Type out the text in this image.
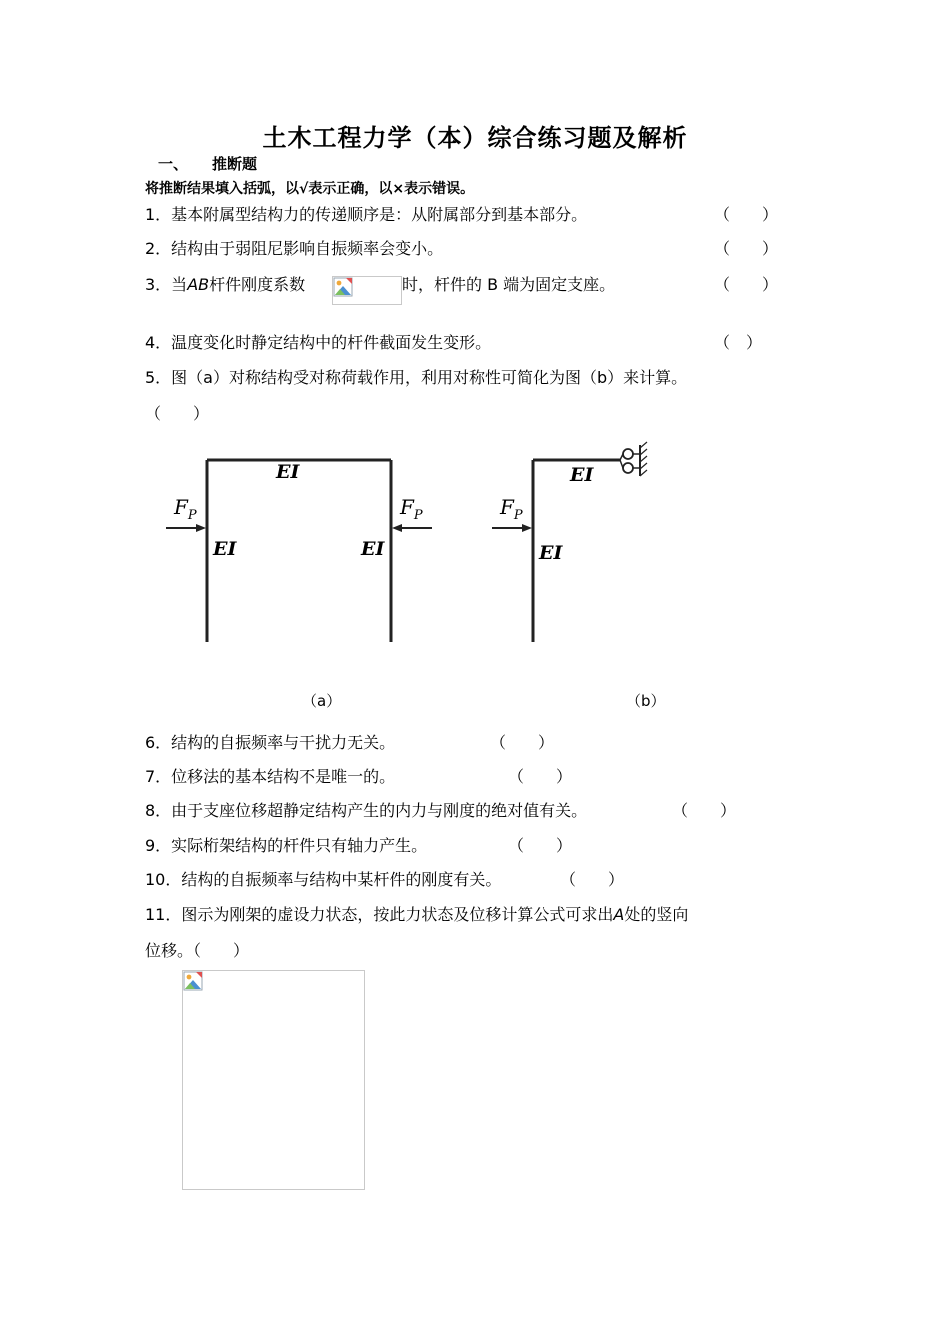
土木工程力学（本）综合练习题及解析
一、 推断题
将推断结果填入括弧，以√表示正确，以×表示错误。
1．基本附属型结构力的传递顺序是：从附属部分到基本部分。	（　　）
2．结构由于弱阻尼影响自振频率会变小。	（　　）
3．当AB杆件刚度系数	时，杆件的 B 端为固定支座。	（　　）
4．温度变化时静定结构中的杆件截面发生变形。	（　）
5．图（a）对称结构受对称荷载作用，利用对称性可简化为图（b）来计算。
（　　）
EI
EI	EI
$F_P$	$F_P$
EI
EI
$F_P$
（a）	（b）
6．结构的自振频率与干扰力无关。	（　　）
7．位移法的基本结构不是唯一的。	（　　）
8．由于支座位移超静定结构产生的内力与刚度的绝对值有关。	（　　）
9．实际桁架结构的杆件只有轴力产生。	（　　）
10．结构的自振频率与结构中某杆件的刚度有关。	（　　）
11．图示为刚架的虚设力状态，按此力状态及位移计算公式可求出A处的竖向
位移。（　　）
